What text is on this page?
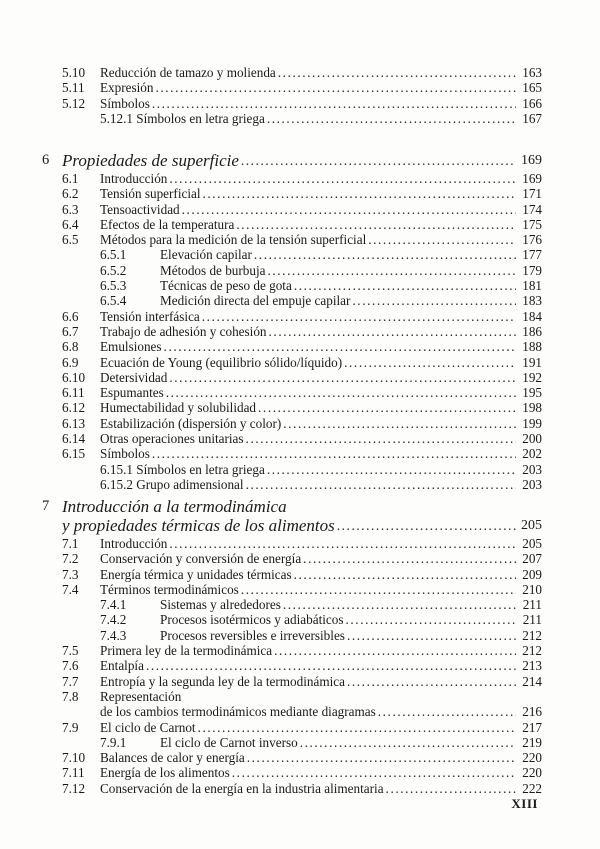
5.10 Reducción de tamazo y molienda .....	163
5.11 Expresión .....	165
5.12 Símbolos .....	166
5.12.1 Símbolos en letra griega .....	167
6 Propiedades de superficie .....	169
6.1 Introducción .....	169
6.2 Tensión superficial .....	171
6.3 Tensoactividad .....	174
6.4 Efectos de la temperatura .....	175
6.5 Métodos para la medición de la tensión superficial .....	176
6.5.1	Elevación capilar .....	177
6.5.2	Métodos de burbuja .....	179
6.5.3	Técnicas de peso de gota .....	181
6.5.4	Medición directa del empuje capilar .....	183
6.6 Tensión interfásica .....	184
6.7 Trabajo de adhesión y cohesión .....	186
6.8 Emulsiones .....	188
6.9 Ecuación de Young (equilibrio sólido/líquido) .....	191
6.10 Detersividad .....	192
6.11 Espumantes .....	195
6.12 Humectabilidad y solubilidad .....	198
6.13 Estabilización (dispersión y color) .....	199
6.14 Otras operaciones unitarias .....	200
6.15 Símbolos .....	202
6.15.1 Símbolos en letra griega .....	203
6.15.2 Grupo adimensional .....	203
7 Introducción a la termodinámica
y propiedades térmicas de los alimentos .....	205
7.1 Introducción .....	205
7.2 Conservación y conversión de energía .....	207
7.3 Energía térmica y unidades térmicas .....	209
7.4 Términos termodinámicos .....	210
7.4.1	Sistemas y alrededores .....	211
7.4.2	Procesos isotérmicos y adiabáticos .....	211
7.4.3	Procesos reversibles e irreversibles .....	212
7.5 Primera ley de la termodinámica .....	212
7.6 Entalpía .....	213
7.7 Entropía y la segunda ley de la termodinámica .....	214
7.8 Representación
de los cambios termodinámicos mediante diagramas .....	216
7.9 El ciclo de Carnot .....	217
7.9.1	El ciclo de Carnot inverso .....	219
7.10 Balances de calor y energía .....	220
7.11 Energía de los alimentos .....	220
7.12 Conservación de la energía en la industria alimentaria .....	222
XIII
